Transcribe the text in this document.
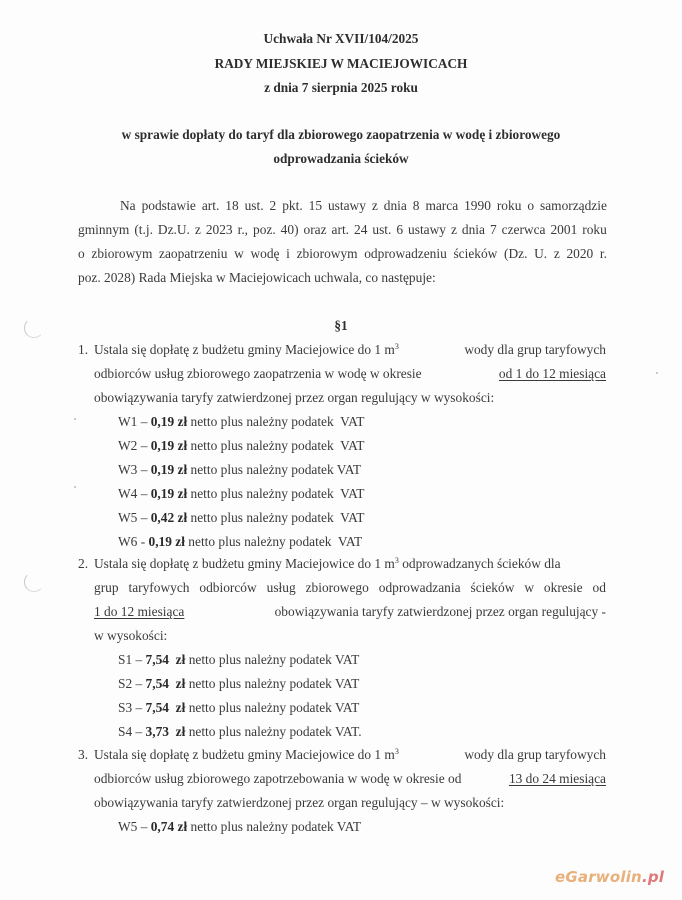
Uchwała Nr XVII/104/2025
RADY MIEJSKIEJ W MACIEJOWICACH
z dnia 7 sierpnia 2025 roku
w sprawie dopłaty do taryf dla zbiorowego zaopatrzenia w wodę i zbiorowego
odprowadzania ścieków
Na podstawie art. 18 ust. 2 pkt. 15 ustawy z dnia 8 marca 1990 roku o samorządzie
gminnym (t.j. Dz.U. z 2023 r., poz. 40) oraz art. 24 ust. 6 ustawy z dnia 7 czerwca 2001 roku
o zbiorowym zaopatrzeniu w wodę i zbiorowym odprowadzeniu ścieków (Dz. U. z 2020 r.
poz. 2028) Rada Miejska w Maciejowicach uchwala, co następuje:
§1
1. Ustala się dopłatę z budżetu gminy Maciejowice do 1 $m^3$	wody dla grup taryfowych
odbiorców usług zbiorowego zaopatrzenia w wodę w okresie	od 1 do 12 miesiąca
obowiązywania taryfy zatwierdzonej przez organ regulujący w wysokości:
W1 – 0,19 zł netto plus należny podatek  VAT
W2 – 0,19 zł netto plus należny podatek  VAT
W3 – 0,19 zł netto plus należny podatek VAT
W4 – 0,19 zł netto plus należny podatek  VAT
W5 – 0,42 zł netto plus należny podatek  VAT
W6 - 0,19 zł netto plus należny podatek  VAT
2. Ustala się dopłatę z budżetu gminy Maciejowice do 1 $m^3$ odprowadzanych ścieków dla
grup taryfowych odbiorców usług zbiorowego odprowadzania ścieków w okresie od
1 do 12 miesiąca	obowiązywania taryfy zatwierdzonej przez organ regulujący -
w wysokości:
S1 – 7,54  zł netto plus należny podatek VAT
S2 – 7,54  zł netto plus należny podatek VAT
S3 – 7,54  zł netto plus należny podatek VAT
S4 – 3,73  zł netto plus należny podatek VAT.
3. Ustala się dopłatę z budżetu gminy Maciejowice do 1 $m^3$	wody dla grup taryfowych
odbiorców usług zbiorowego zapotrzebowania w wodę w okresie od	13 do 24 miesiąca
obowiązywania taryfy zatwierdzonej przez organ regulujący – w wysokości:
W5 – 0,74 zł netto plus należny podatek VAT
eGarwolin.pl
